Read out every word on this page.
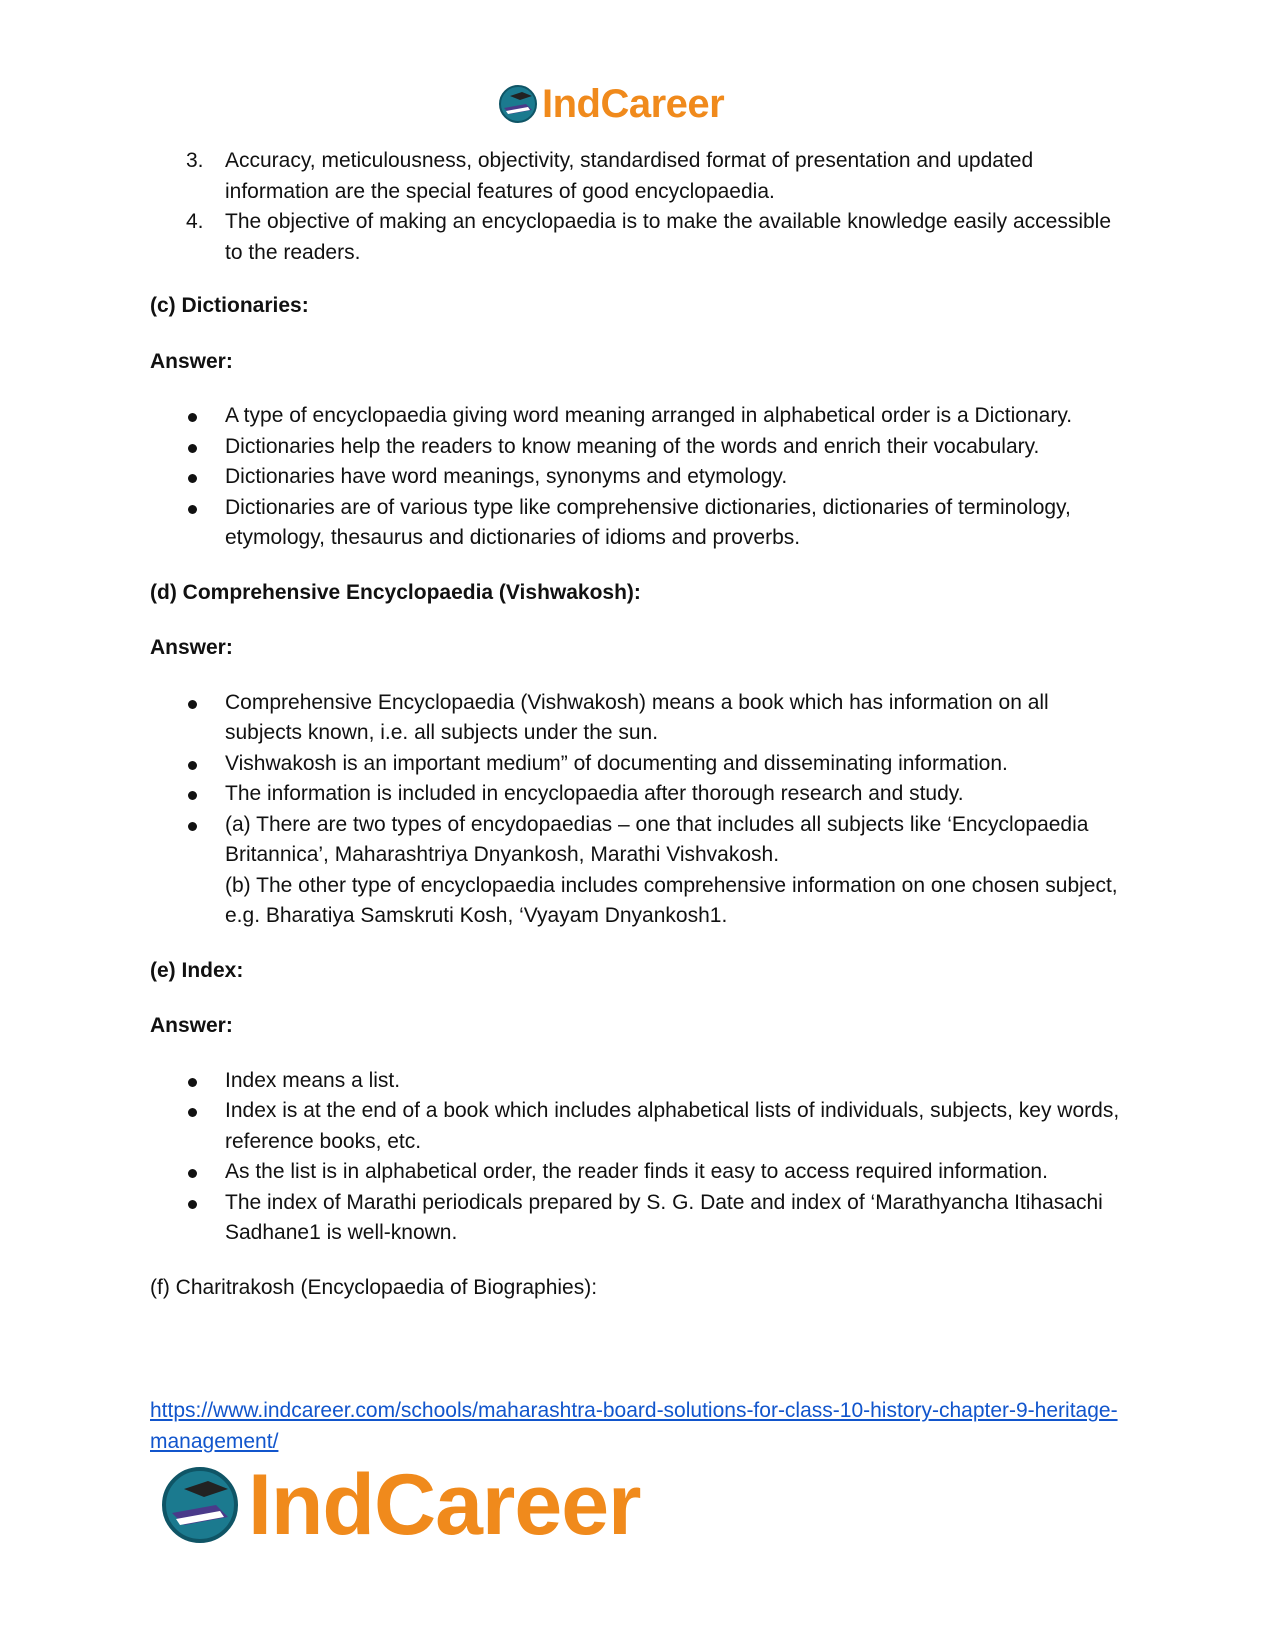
IndCareer
3. Accuracy, meticulousness, objectivity, standardised format of presentation and updated information are the special features of good encyclopaedia.
4. The objective of making an encyclopaedia is to make the available knowledge easily accessible to the readers.
(c) Dictionaries:
Answer:
A type of encyclopaedia giving word meaning arranged in alphabetical order is a Dictionary.
Dictionaries help the readers to know meaning of the words and enrich their vocabulary.
Dictionaries have word meanings, synonyms and etymology.
Dictionaries are of various type like comprehensive dictionaries, dictionaries of terminology, etymology, thesaurus and dictionaries of idioms and proverbs.
(d) Comprehensive Encyclopaedia (Vishwakosh):
Answer:
Comprehensive Encyclopaedia (Vishwakosh) means a book which has information on all subjects known, i.e. all subjects under the sun.
Vishwakosh is an important medium” of documenting and disseminating information.
The information is included in encyclopaedia after thorough research and study.
(a) There are two types of encydopaedias – one that includes all subjects like ‘Encyclopaedia Britannica’, Maharashtriya Dnyankosh, Marathi Vishvakosh.
(b) The other type of encyclopaedia includes comprehensive information on one chosen subject, e.g. Bharatiya Samskruti Kosh, ‘Vyayam Dnyankosh1.
(e) Index:
Answer:
Index means a list.
Index is at the end of a book which includes alphabetical lists of individuals, subjects, key words, reference books, etc.
As the list is in alphabetical order, the reader finds it easy to access required information.
The index of Marathi periodicals prepared by S. G. Date and index of ‘Marathyancha Itihasachi Sadhane1 is well-known.
(f) Charitrakosh (Encyclopaedia of Biographies):
https://www.indcareer.com/schools/maharashtra-board-solutions-for-class-10-history-chapter-9-heritage-management/
IndCareer
